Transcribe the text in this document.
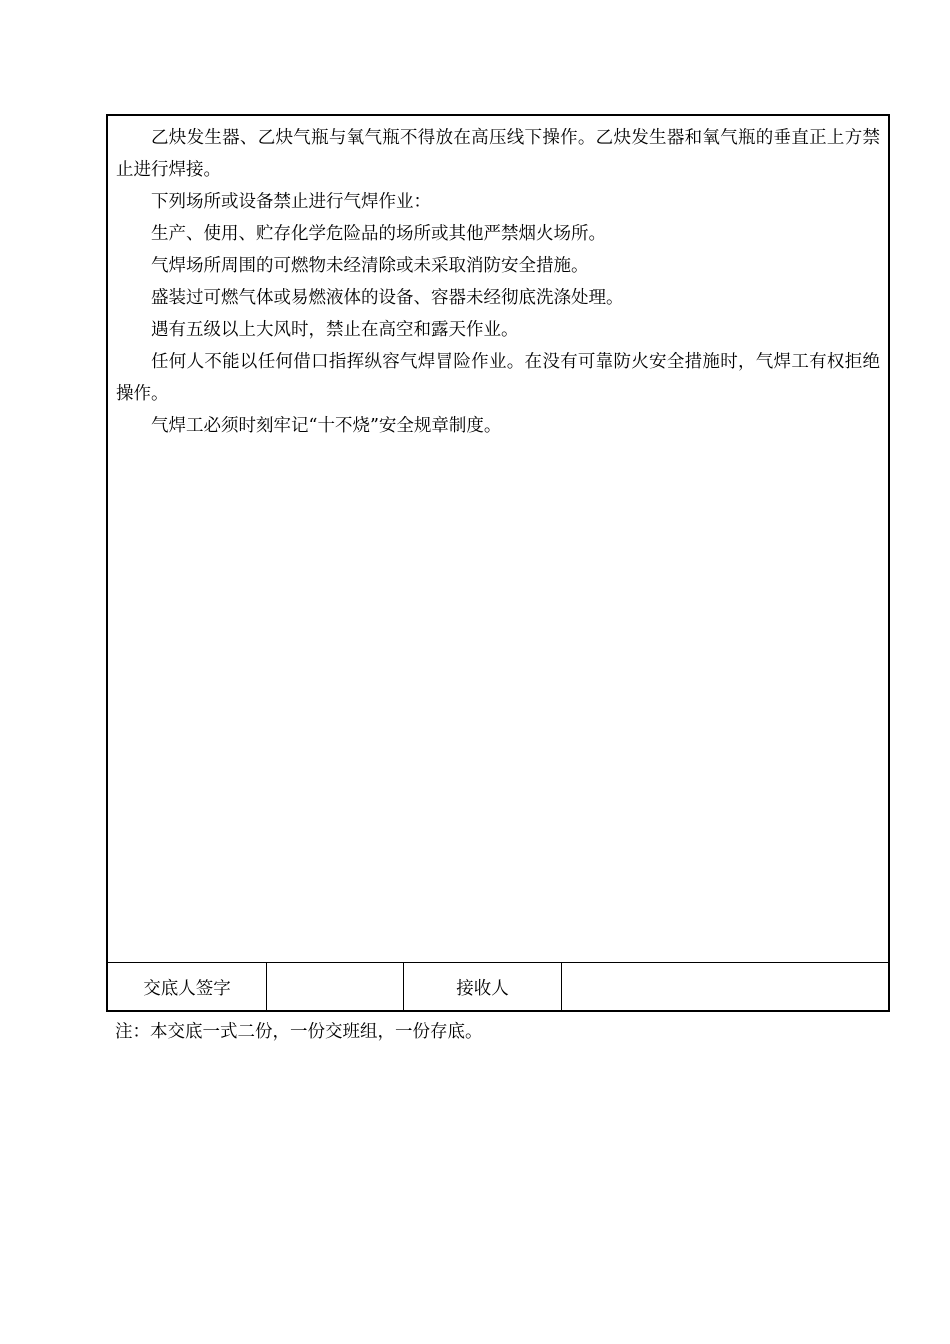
乙炔发生器、乙炔气瓶与氧气瓶不得放在高压线下操作。乙炔发生器和氧气瓶的垂直正上方禁止进行焊接。

下列场所或设备禁止进行气焊作业：

生产、使用、贮存化学危险品的场所或其他严禁烟火场所。

气焊场所周围的可燃物未经清除或未采取消防安全措施。

盛装过可燃气体或易燃液体的设备、容器未经彻底洗涤处理。

遇有五级以上大风时，禁止在高空和露天作业。

任何人不能以任何借口指挥纵容气焊冒险作业。在没有可靠防火安全措施时，气焊工有权拒绝操作。

气焊工必须时刻牢记“十不烧”安全规章制度。

交底人签字	接收人
注：本交底一式二份，一份交班组，一份存底。
